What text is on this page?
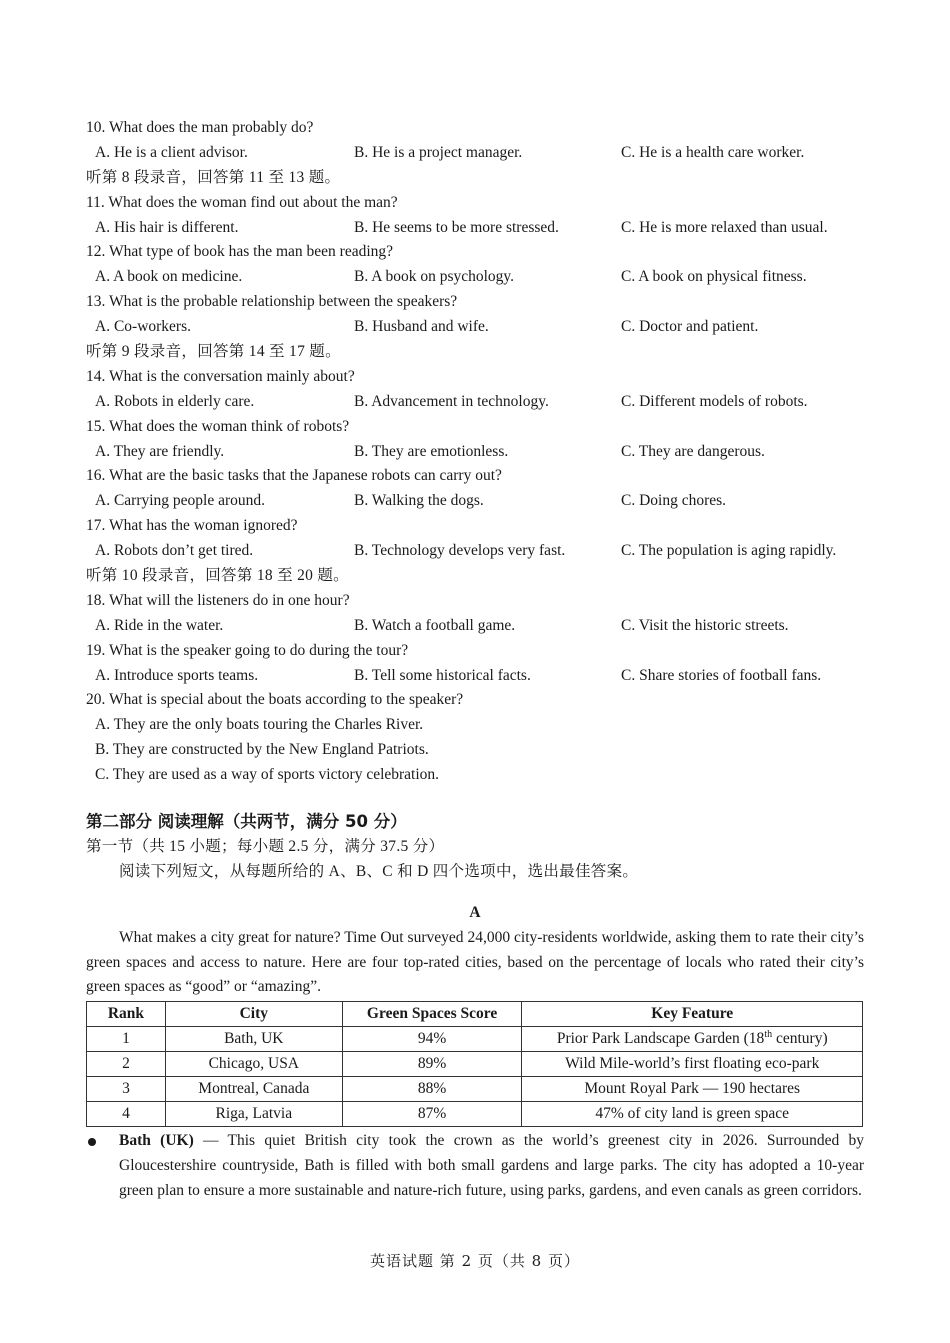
10. What does the man probably do?
A. He is a client advisor.	B. He is a project manager.	C. He is a health care worker.
听第 8 段录音，回答第 11 至 13 题。
11. What does the woman find out about the man?
A. His hair is different.	B. He seems to be more stressed.	C. He is more relaxed than usual.
12. What type of book has the man been reading?
A. A book on medicine.	B. A book on psychology.	C. A book on physical fitness.
13. What is the probable relationship between the speakers?
A. Co-workers.	B. Husband and wife.	C. Doctor and patient.
听第 9 段录音，回答第 14 至 17 题。
14. What is the conversation mainly about?
A. Robots in elderly care.	B. Advancement in technology.	C. Different models of robots.
15. What does the woman think of robots?
A. They are friendly.	B. They are emotionless.	C. They are dangerous.
16. What are the basic tasks that the Japanese robots can carry out?
A. Carrying people around.	B. Walking the dogs.	C. Doing chores.
17. What has the woman ignored?
A. Robots don’t get tired.	B. Technology develops very fast.	C. The population is aging rapidly.
听第 10 段录音，回答第 18 至 20 题。
18. What will the listeners do in one hour?
A. Ride in the water.	B. Watch a football game.	C. Visit the historic streets.
19. What is the speaker going to do during the tour?
A. Introduce sports teams.	B. Tell some historical facts.	C. Share stories of football fans.
20. What is special about the boats according to the speaker?
A. They are the only boats touring the Charles River.
B. They are constructed by the New England Patriots.
C. They are used as a way of sports victory celebration.
第二部分 阅读理解（共两节，满分 50 分）
第一节（共 15 小题；每小题 2.5 分，满分 37.5 分）
阅读下列短文，从每题所给的 A、B、C 和 D 四个选项中，选出最佳答案。
A

What makes a city great for nature? Time Out surveyed 24,000 city-residents worldwide, asking them to rate their city’s green spaces and access to nature. Here are four top-rated cities, based on the percentage of locals who rated their city’s green spaces as “good” or “amazing”.

Rank	City	Green Spaces Score	Key Feature
1	Bath, UK	94%	Prior Park Landscape Garden (18th century)
2	Chicago, USA	89%	Wild Mile-world’s first floating eco-park
3	Montreal, Canada	88%	Mount Royal Park — 190 hectares
4	Riga, Latvia	87%	47% of city land is green space
Bath (UK) — This quiet British city took the crown as the world’s greenest city in 2026. Surrounded by Gloucestershire countryside, Bath is filled with both small gardens and large parks. The city has adopted a 10-year green plan to ensure a more sustainable and nature-rich future, using parks, gardens, and even canals as green corridors.
英语试题 第 2 页（共 8 页）
